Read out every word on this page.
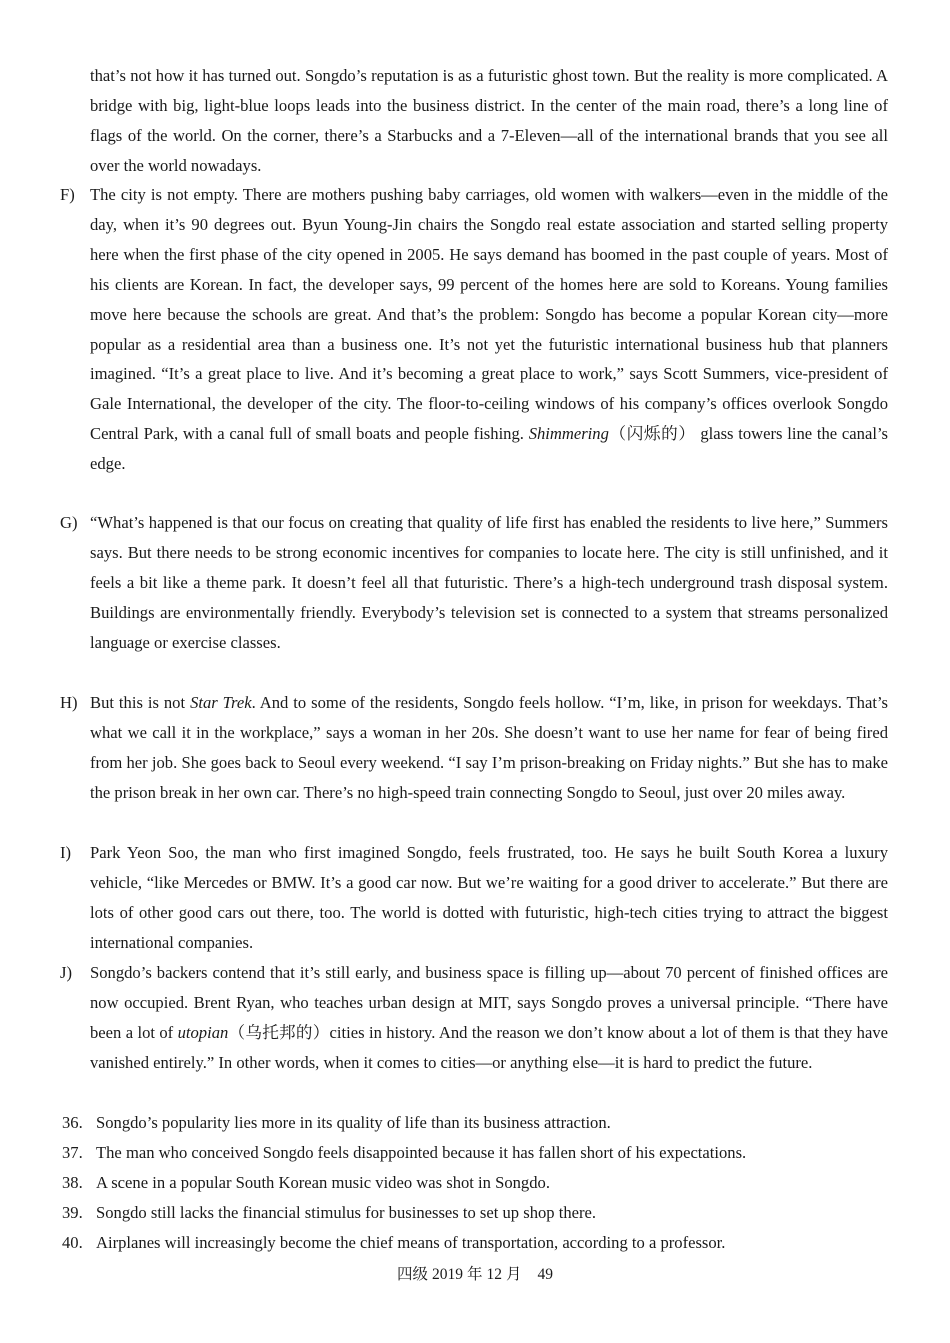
that’s not how it has turned out. Songdo’s reputation is as a futuristic ghost town. But the reality is more complicated. A bridge with big, light-blue loops leads into the business district. In the center of the main road, there’s a long line of flags of the world. On the corner, there’s a Starbucks and a 7-Eleven—all of the international brands that you see all over the world nowadays.
F) The city is not empty. There are mothers pushing baby carriages, old women with walkers—even in the middle of the day, when it’s 90 degrees out. Byun Young-Jin chairs the Songdo real estate association and started selling property here when the first phase of the city opened in 2005. He says demand has boomed in the past couple of years. Most of his clients are Korean. In fact, the developer says, 99 percent of the homes here are sold to Koreans. Young families move here because the schools are great. And that’s the problem: Songdo has become a popular Korean city—more popular as a residential area than a business one. It’s not yet the futuristic international business hub that planners imagined. “It’s a great place to live. And it’s becoming a great place to work,” says Scott Summers, vice-president of Gale International, the developer of the city. The floor-to-ceiling windows of his company’s offices overlook Songdo Central Park, with a canal full of small boats and people fishing. Shimmering（闪烁的） glass towers line the canal’s edge.
G) “What’s happened is that our focus on creating that quality of life first has enabled the residents to live here,” Summers says. But there needs to be strong economic incentives for companies to locate here. The city is still unfinished, and it feels a bit like a theme park. It doesn’t feel all that futuristic. There’s a high-tech underground trash disposal system. Buildings are environmentally friendly. Everybody’s television set is connected to a system that streams personalized language or exercise classes.
H) But this is not Star Trek. And to some of the residents, Songdo feels hollow. “I’m, like, in prison for weekdays. That’s what we call it in the workplace,” says a woman in her 20s. She doesn’t want to use her name for fear of being fired from her job. She goes back to Seoul every weekend. “I say I’m prison-breaking on Friday nights.” But she has to make the prison break in her own car. There’s no high-speed train connecting Songdo to Seoul, just over 20 miles away.
I)	Park Yeon Soo, the man who first imagined Songdo, feels frustrated, too. He says he built South Korea a luxury vehicle, “like Mercedes or BMW. It’s a good car now. But we’re waiting for a good driver to accelerate.” But there are lots of other good cars out there, too. The world is dotted with futuristic, high-tech cities trying to attract the biggest international companies.
J)	Songdo’s backers contend that it’s still early, and business space is filling up—about 70 percent of finished offices are now occupied. Brent Ryan, who teaches urban design at MIT, says Songdo proves a universal principle. “There have been a lot of utopian（乌托邦的）cities in history. And the reason we don’t know about a lot of them is that they have vanished entirely.” In other words, when it comes to cities—or anything else—it is hard to predict the future.
36. Songdo’s popularity lies more in its quality of life than its business attraction.
37. The man who conceived Songdo feels disappointed because it has fallen short of his expectations.
38. A scene in a popular South Korean music video was shot in Songdo.
39. Songdo still lacks the financial stimulus for businesses to set up shop there.
40. Airplanes will increasingly become the chief means of transportation, according to a professor.
四级 2019 年 12 月 49
